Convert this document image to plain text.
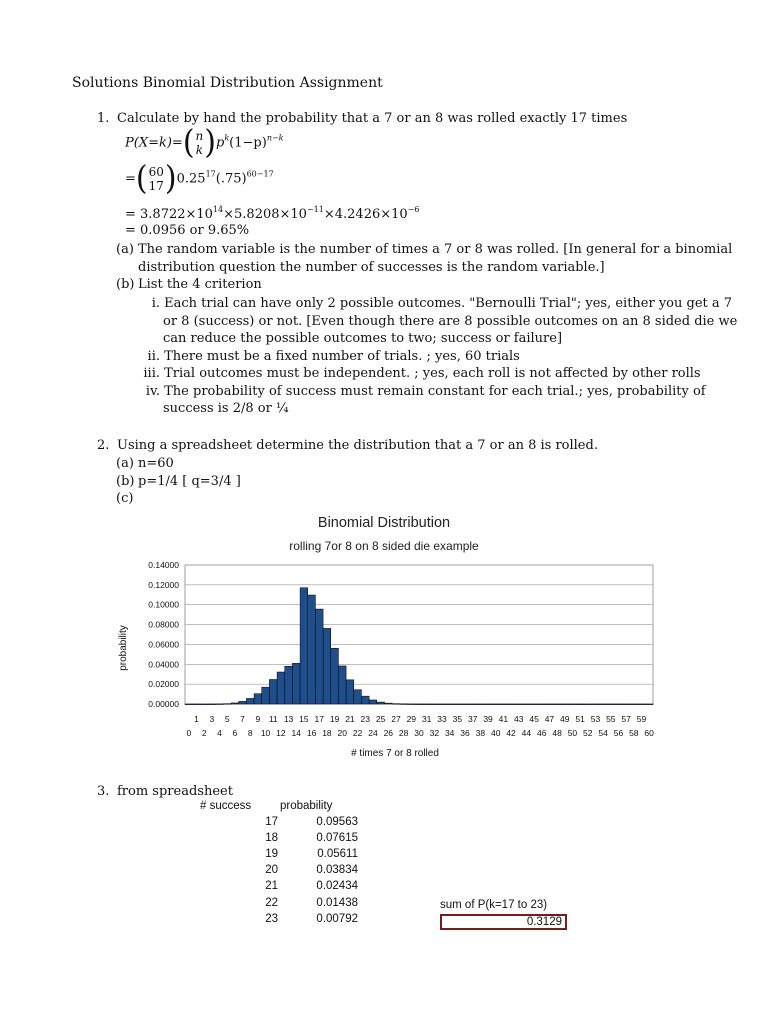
Solutions Binomial Distribution Assignment
1. Calculate by hand the probability that a 7 or an 8 was rolled exactly 17 times
P(X=k)= ( n
k ) $p^k(1-p)^{n-k}$
= ( 60
17 ) $0.25^{17}(.75)^{60-17}$
= $3.8722\times 10^{14}\times 5.8208\times 10^{-11}\times 4.2426\times 10^{-6}$
= 0.0956 or 9.65%
(a) The random variable is the number of times a 7 or 8 was rolled. [In general for a binomial
distribution question the number of successes is the random variable.]
(b) List the 4 criterion
i. Each trial can have only 2 possible outcomes. "Bernoulli Trial"; yes, either you get a 7
or 8 (success) or not. [Even though there are 8 possible outcomes on an 8 sided die we
can reduce the possible outcomes to two; success or failure]
ii. There must be a fixed number of trials. ; yes, 60 trials
iii. Trial outcomes must be independent. ; yes, each roll is not affected by other rolls
iv. The probability of success must remain constant for each trial.; yes, probability of
success is 2/8 or ¼
2. Using a spreadsheet determine the distribution that a 7 or an 8 is rolled.
(a) n=60
(b) p=1/4 [ q=3/4 ]
(c)
Binomial Distribution
rolling 7or 8 on 8 sided die example
probability
# times 7 or 8 rolled
0.00000
0.02000
0.04000
0.06000
0.08000
0.10000
0.12000
0.14000
0
1
2
3
4
5
6
7
8
9
10
11
12
13
14
15
16
17
18
19
20
21
22
23
24
25
26
27
28
29
30
31
32
33
34
35
36
37
38
39
40
41
42
43
44
45
46
47
48
49
50
51
52
53
54
55
56
57
58
59
60
3. from spreadsheet
# success	probability
17	0.09563
18	0.07615
19	0.05611
20	0.03834
21	0.02434
22	0.01438
23	0.00792
sum of P(k=17 to 23)
0.3129
